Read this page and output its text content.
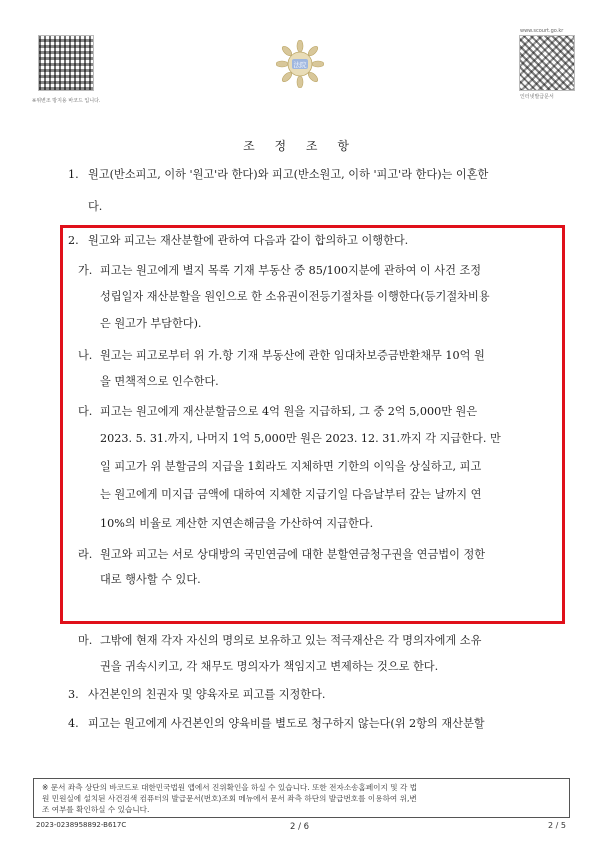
※위변조 방지용 바코드 입니다.
www.scourt.go.kr
인터넷발급문서
法院
조 정 조 항
1. 원고(반소피고, 이하 '원고'라 한다)와 피고(반소원고, 이하 '피고'라 한다)는 이혼한
다.
2. 원고와 피고는 재산분할에 관하여 다음과 같이 합의하고 이행한다.
가. 피고는 원고에게 별지 목록 기재 부동산 중 85/100지분에 관하여 이 사건 조정
성립일자 재산분할을 원인으로 한 소유권이전등기절차를 이행한다(등기절차비용
은 원고가 부담한다).
나. 원고는 피고로부터 위 가.항 기재 부동산에 관한 임대차보증금반환채무 10억 원
을 면책적으로 인수한다.
다. 피고는 원고에게 재산분할금으로 4억 원을 지급하되, 그 중 2억 5,000만 원은
2023. 5. 31.까지, 나머지 1억 5,000만 원은 2023. 12. 31.까지 각 지급한다. 만
일 피고가 위 분할금의 지급을 1회라도 지체하면 기한의 이익을 상실하고, 피고
는 원고에게 미지급 금액에 대하여 지체한 지급기일 다음날부터 갚는 날까지 연
10%의 비율로 계산한 지연손해금을 가산하여 지급한다.
라. 원고와 피고는 서로 상대방의 국민연금에 대한 분할연금청구권을 연금법이 정한
대로 행사할 수 있다.
마. 그밖에 현재 각자 자신의 명의로 보유하고 있는 적극재산은 각 명의자에게 소유
권을 귀속시키고, 각 채무도 명의자가 책임지고 변제하는 것으로 한다.
3. 사건본인의 친권자 및 양육자로 피고를 지정한다.
4. 피고는 원고에게 사건본인의 양육비를 별도로 청구하지 않는다(위 2항의 재산분할
※ 문서 좌측 상단의 바코드로 대한민국법원 앱에서 진위확인을 하실 수 있습니다. 또한 전자소송홈페이지 및 각 법
원 민원실에 설치된 사건검색 컴퓨터의 발급문서(번호)조회 메뉴에서 문서 좌측 하단의 발급번호를 이용하여 위,변
조 여부를 확인하실 수 있습니다.
2023-0238958892-B617C	2 / 6	2 / 5
